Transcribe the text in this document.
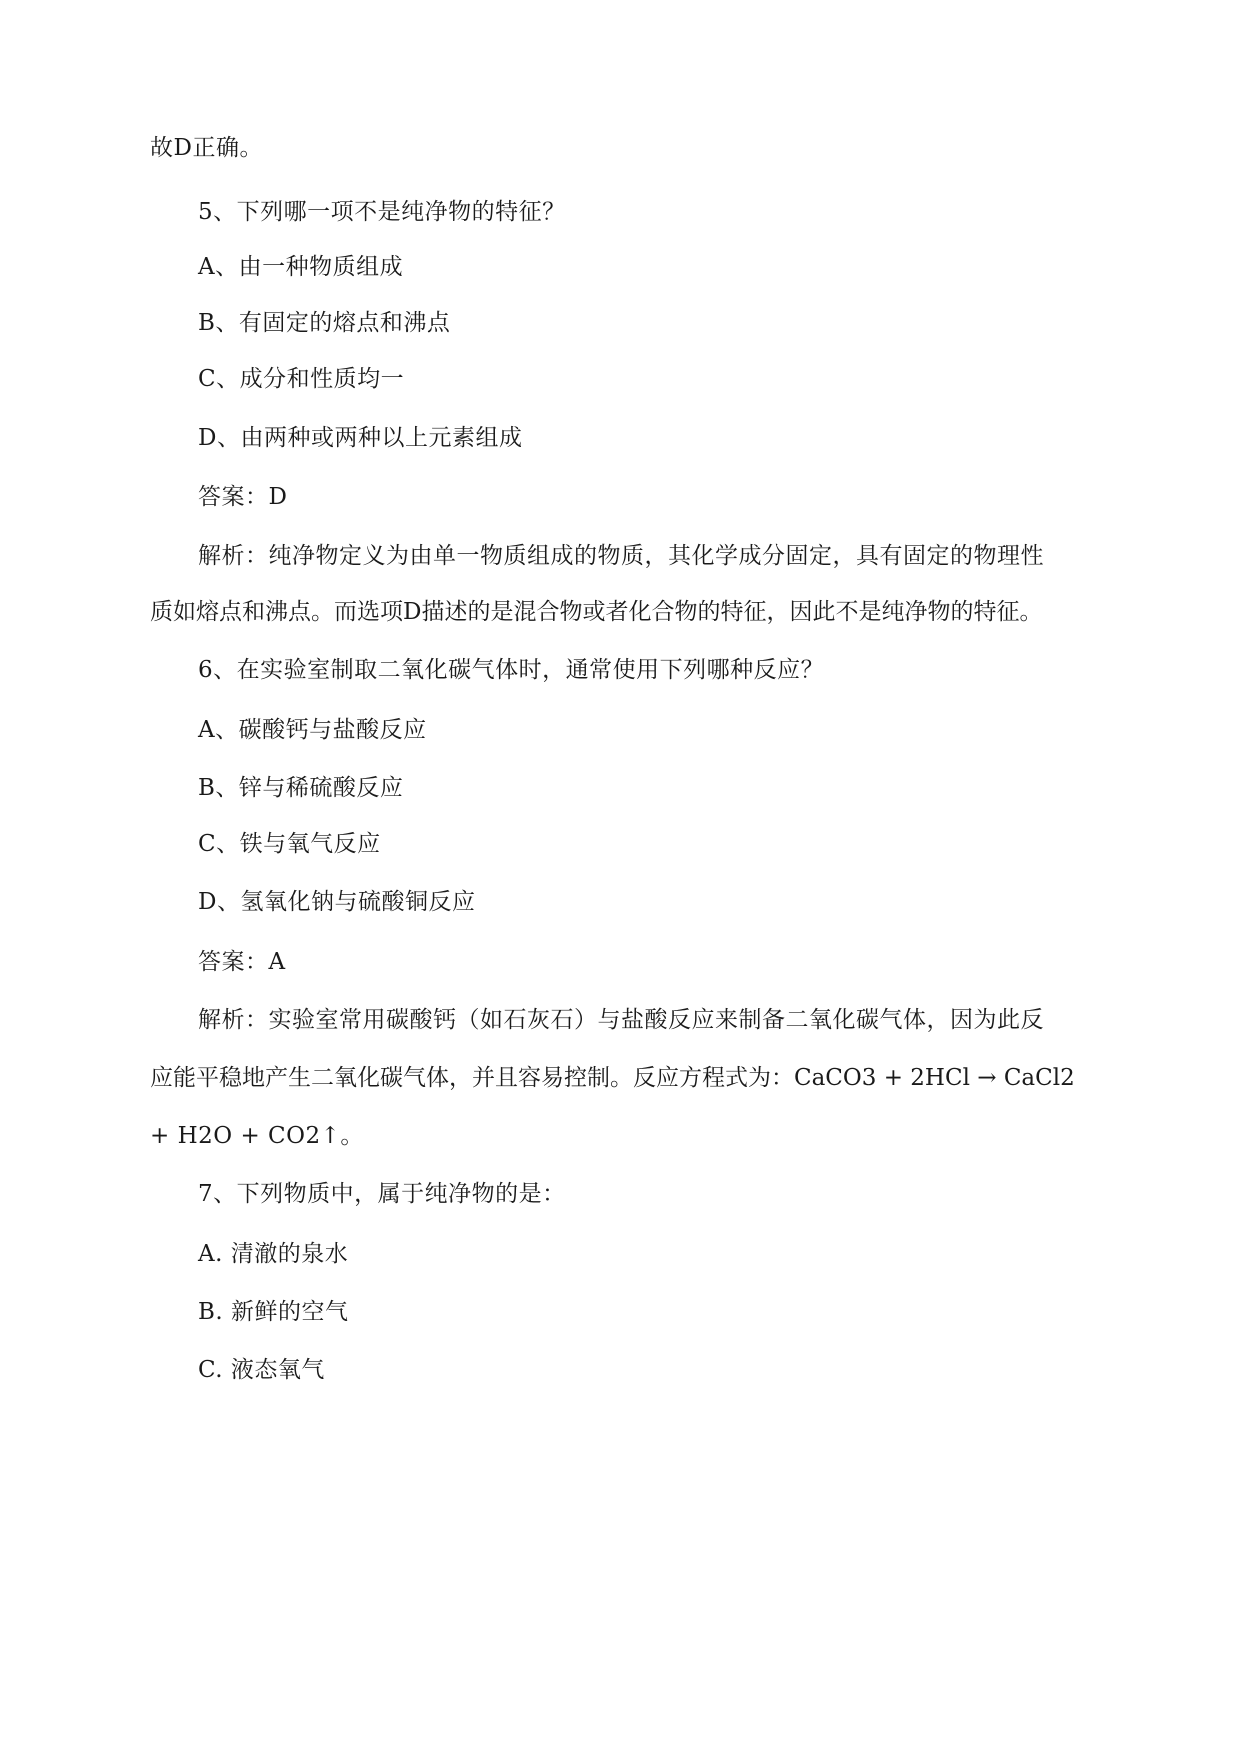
故D正确。
5、下列哪一项不是纯净物的特征？
A、由一种物质组成
B、有固定的熔点和沸点
C、成分和性质均一
D、由两种或两种以上元素组成
答案：D
解析：纯净物定义为由单一物质组成的物质，其化学成分固定，具有固定的物理性
质如熔点和沸点。而选项D描述的是混合物或者化合物的特征，因此不是纯净物的特征。
6、在实验室制取二氧化碳气体时，通常使用下列哪种反应？
A、碳酸钙与盐酸反应
B、锌与稀硫酸反应
C、铁与氧气反应
D、氢氧化钠与硫酸铜反应
答案：A
解析：实验室常用碳酸钙（如石灰石）与盐酸反应来制备二氧化碳气体，因为此反
应能平稳地产生二氧化碳气体，并且容易控制。反应方程式为：CaCO3 + 2HCl → CaCl2
+ H2O + CO2↑。
7、下列物质中，属于纯净物的是：
A. 清澈的泉水
B. 新鲜的空气
C. 液态氧气
